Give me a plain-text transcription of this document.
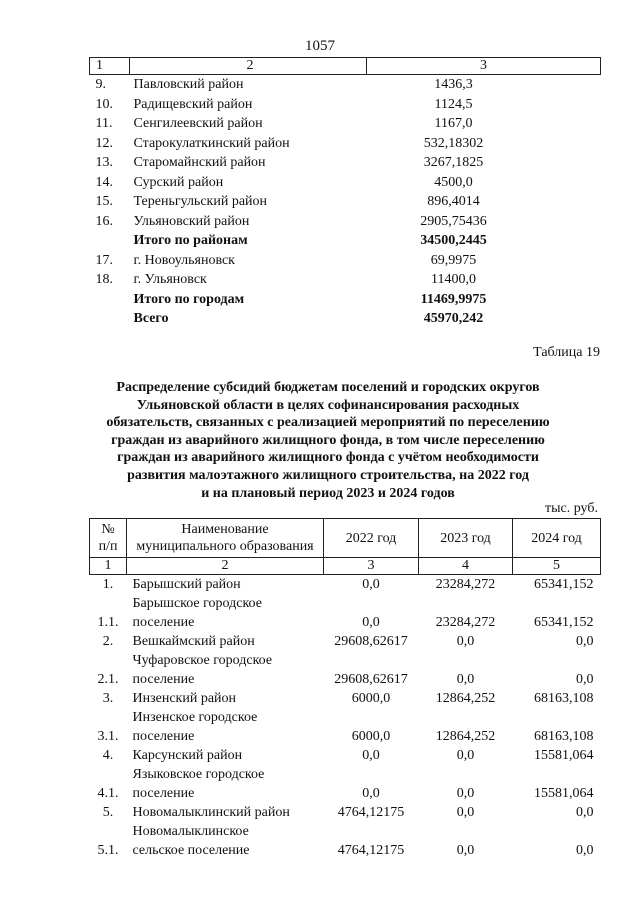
1057
1	2	3
9.	Павловский район	1436,3
10.	Радищевский район	1124,5
11.	Сенгилеевский район	1167,0
12.	Старокулаткинский район	532,18302
13.	Старомайнский район	3267,1825
14.	Сурский район	4500,0
15.	Тереньгульский район	896,4014
16.	Ульяновский район	2905,75436
	Итого по районам	34500,2445
17.	г. Новоульяновск	69,9975
18.	г. Ульяновск	11400,0
	Итого по городам	11469,9975
	Всего	45970,242
Таблица 19

Распределение субсидий бюджетам поселений и городских округов
Ульяновской области в целях софинансирования расходных
обязательств, связанных с реализацией мероприятий по переселению
граждан из аварийного жилищного фонда, в том числе переселению
граждан из аварийного жилищного фонда с учётом необходимости
развития малоэтажного жилищного строительства, на 2022 год
и на плановый период 2023 и 2024 годов

тыс. руб.
№
п/п	Наименование
муниципального образования	2022 год	2023 год	2024 год
1	2	3	4	5
1.	Барышский район	0,0	23284,272	65341,152
1.1.	Барышское городское
поселение	0,0	23284,272	65341,152
2.	Вешкаймский район	29608,62617	0,0	0,0
2.1.	Чуфаровское городское
поселение	29608,62617	0,0	0,0
3.	Инзенский район	6000,0	12864,252	68163,108
3.1.	Инзенское городское
поселение	6000,0	12864,252	68163,108
4.	Карсунский район	0,0	0,0	15581,064
4.1.	Языковское городское
поселение	0,0	0,0	15581,064
5.	Новомалыклинский район	4764,12175	0,0	0,0
5.1.	Новомалыклинское
сельское поселение	4764,12175	0,0	0,0
